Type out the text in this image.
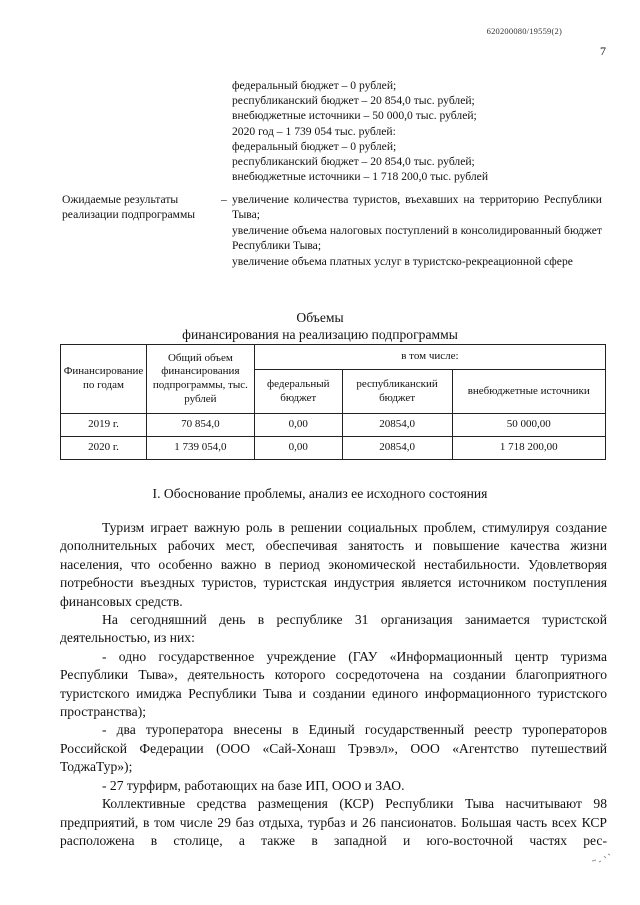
620200080/19559(2)
7
федеральный бюджет – 0 рублей;
республиканский бюджет – 20 854,0 тыс. рублей;
внебюджетные источники – 50 000,0 тыс. рублей;
2020 год – 1 739 054 тыс. рублей:
федеральный бюджет – 0 рублей;
республиканский бюджет – 20 854,0 тыс. рублей;
внебюджетные источники – 1 718 200,0 тыс. рублей
Ожидаемые результаты реализации подпрограммы
– увеличение количества туристов, въехавших на территорию Республики Тыва;
увеличение объема налоговых поступлений в консолидированный бюджет Республики Тыва;
увеличение объема платных услуг в туристско-рекреационной сфере
Объемы
финансирования на реализацию подпрограммы
Финансирование по годам	Общий объем финансирования подпрограммы, тыс. рублей	в том числе:		
		федеральный бюджет	республиканский бюджет	внебюджетные источники
2019 г.	70 854,0	0,00	20854,0	50 000,00
2020 г.	1 739 054,0	0,00	20854,0	1 718 200,00
I. Обоснование проблемы, анализ ее исходного состояния

Туризм играет важную роль в решении социальных проблем, стимулируя создание дополнительных рабочих мест, обеспечивая занятость и повышение качества жизни населения, что особенно важно в период экономической нестабильности. Удовлетворяя потребности въездных туристов, туристская индустрия является источником поступления финансовых средств.

На сегодняшний день в республике 31 организация занимается туристской деятельностью, из них:

- одно государственное учреждение (ГАУ «Информационный центр туризма Республики Тыва», деятельность которого сосредоточена на создании благоприятного туристского имиджа Республики Тыва и создании единого информационного туристского пространства);

- два туроператора внесены в Единый государственный реестр туроператоров Российской Федерации (ООО «Сай-Хонаш Трэвэл», ООО «Агентство путешествий ТоджаТур»);

- 27 турфирм, работающих на базе ИП, ООО и ЗАО.

Коллективные средства размещения (КСР) Республики Тыва насчитывают 98 предприятий, в том числе 29 баз отдыха, турбаз и 26 пансионатов. Большая часть всех КСР расположена в столице, а также в западной и юго-восточной частях рес-
